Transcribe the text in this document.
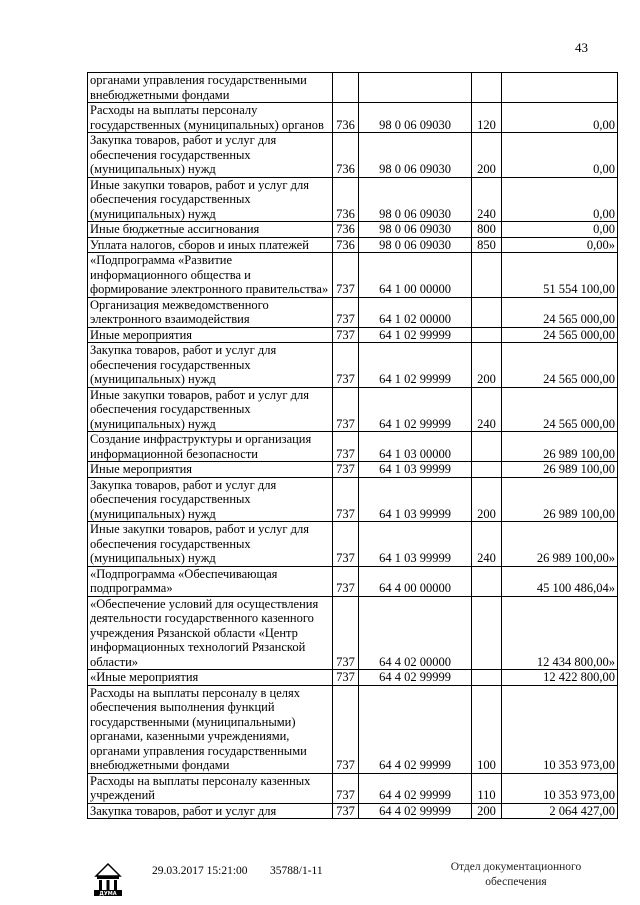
43
органами управления государственными внебюджетными фондами				
Расходы на выплаты персоналу государственных (муниципальных) органов	736	98 0 06 09030	120	0,00
Закупка товаров, работ и услуг для обеспечения государственных (муниципальных) нужд	736	98 0 06 09030	200	0,00
Иные закупки товаров, работ и услуг для обеспечения государственных (муниципальных) нужд	736	98 0 06 09030	240	0,00
Иные бюджетные ассигнования	736	98 0 06 09030	800	0,00
Уплата налогов, сборов и иных платежей	736	98 0 06 09030	850	0,00»
«Подпрограмма «Развитие информационного общества и формирование электронного правительства»	737	64 1 00 00000		51 554 100,00
Организация межведомственного электронного взаимодействия	737	64 1 02 00000		24 565 000,00
Иные мероприятия	737	64 1 02 99999		24 565 000,00
Закупка товаров, работ и услуг для обеспечения государственных (муниципальных) нужд	737	64 1 02 99999	200	24 565 000,00
Иные закупки товаров, работ и услуг для обеспечения государственных (муниципальных) нужд	737	64 1 02 99999	240	24 565 000,00
Создание инфраструктуры и организация информационной безопасности	737	64 1 03 00000		26 989 100,00
Иные мероприятия	737	64 1 03 99999		26 989 100,00
Закупка товаров, работ и услуг для обеспечения государственных (муниципальных) нужд	737	64 1 03 99999	200	26 989 100,00
Иные закупки товаров, работ и услуг для обеспечения государственных (муниципальных) нужд	737	64 1 03 99999	240	26 989 100,00»
«Подпрограмма «Обеспечивающая подпрограмма»	737	64 4 00 00000		45 100 486,04»
«Обеспечение условий для осуществления деятельности государственного казенного учреждения Рязанской области «Центр информационных технологий Рязанской области»	737	64 4 02 00000		12 434 800,00»
«Иные мероприятия	737	64 4 02 99999		12 422 800,00
Расходы на выплаты персоналу в целях обеспечения выполнения функций государственными (муниципальными) органами, казенными учреждениями, органами управления государственными внебюджетными фондами	737	64 4 02 99999	100	10 353 973,00
Расходы на выплаты персоналу казенных учреждений	737	64 4 02 99999	110	10 353 973,00
Закупка товаров, работ и услуг для	737	64 4 02 99999	200	2 064 427,00
ДУМА
29.03.2017 15:21:00 35788/1-11	Отдел документационного
обеспечения
